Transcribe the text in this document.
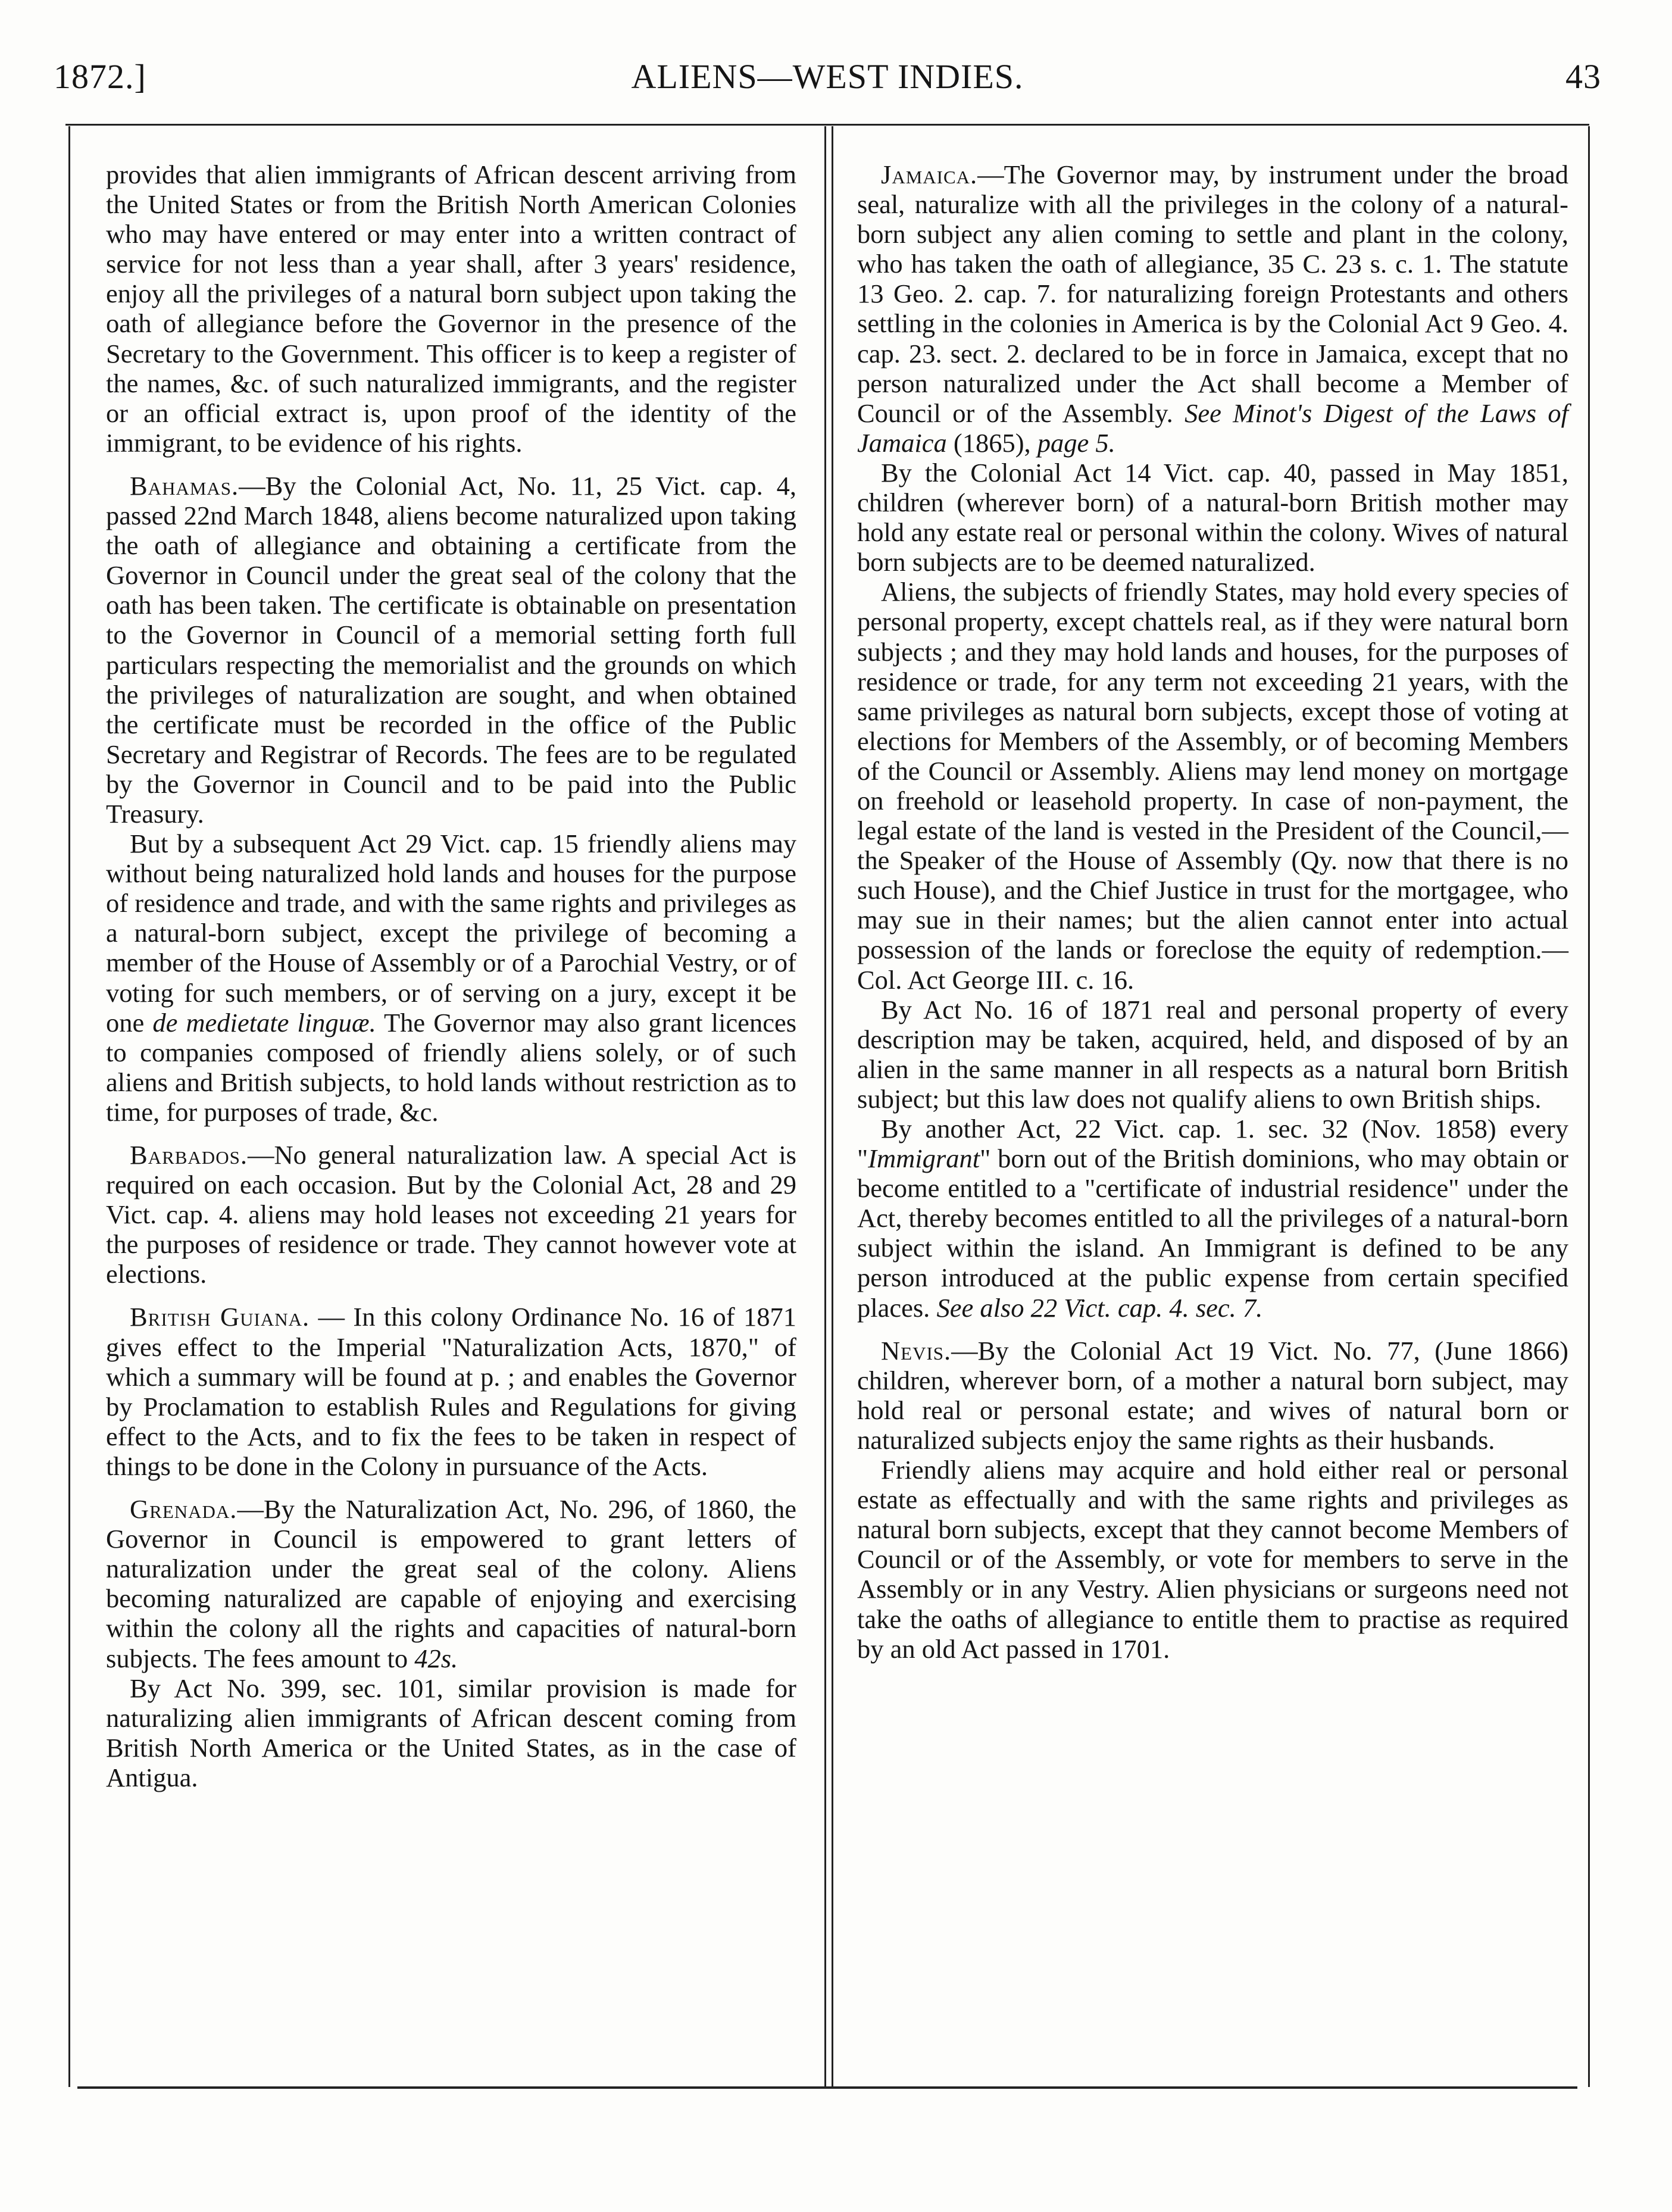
1872.]	ALIENS—WEST INDIES.	43

provides that alien immigrants of African descent arriving from the United States or from the British North American Colonies who may have entered or may enter into a written contract of service for not less than a year shall, after 3 years' residence, enjoy all the privileges of a natural born subject upon taking the oath of allegiance before the Governor in the presence of the Secretary to the Government. This officer is to keep a register of the names, &c. of such naturalized immigrants, and the register or an official extract is, upon proof of the identity of the immigrant, to be evidence of his rights.

Bahamas.—By the Colonial Act, No. 11, 25 Vict. cap. 4, passed 22nd March 1848, aliens become naturalized upon taking the oath of allegiance and obtaining a certificate from the Governor in Council under the great seal of the colony that the oath has been taken. The certificate is obtainable on presentation to the Governor in Council of a memorial setting forth full particulars respecting the memorialist and the grounds on which the privileges of naturalization are sought, and when obtained the certificate must be recorded in the office of the Public Secretary and Registrar of Records. The fees are to be regulated by the Governor in Council and to be paid into the Public Treasury.

But by a subsequent Act 29 Vict. cap. 15 friendly aliens may without being naturalized hold lands and houses for the purpose of residence and trade, and with the same rights and privileges as a natural-born subject, except the privilege of becoming a member of the House of Assembly or of a Parochial Vestry, or of voting for such members, or of serving on a jury, except it be one de medietate linguæ. The Governor may also grant licences to companies composed of friendly aliens solely, or of such aliens and British subjects, to hold lands without restriction as to time, for purposes of trade, &c.

Barbados.—No general naturalization law. A special Act is required on each occasion. But by the Colonial Act, 28 and 29 Vict. cap. 4. aliens may hold leases not exceeding 21 years for the purposes of residence or trade. They cannot however vote at elections.

British Guiana. — In this colony Ordinance No. 16 of 1871 gives effect to the Imperial "Naturalization Acts, 1870," of which a summary will be found at p. ; and enables the Governor by Proclamation to establish Rules and Regulations for giving effect to the Acts, and to fix the fees to be taken in respect of things to be done in the Colony in pursuance of the Acts.

Grenada.—By the Naturalization Act, No. 296, of 1860, the Governor in Council is empowered to grant letters of naturalization under the great seal of the colony. Aliens becoming naturalized are capable of enjoying and exercising within the colony all the rights and capacities of natural-born subjects. The fees amount to 42s.

By Act No. 399, sec. 101, similar provision is made for naturalizing alien immigrants of African descent coming from British North America or the United States, as in the case of Antigua.

Jamaica.—The Governor may, by instrument under the broad seal, naturalize with all the privileges in the colony of a natural-born subject any alien coming to settle and plant in the colony, who has taken the oath of allegiance, 35 C. 23 s. c. 1. The statute 13 Geo. 2. cap. 7. for naturalizing foreign Protestants and others settling in the colonies in America is by the Colonial Act 9 Geo. 4. cap. 23. sect. 2. declared to be in force in Jamaica, except that no person naturalized under the Act shall become a Member of Council or of the Assembly. See Minot's Digest of the Laws of Jamaica (1865), page 5.

By the Colonial Act 14 Vict. cap. 40, passed in May 1851, children (wherever born) of a natural-born British mother may hold any estate real or personal within the colony. Wives of natural born subjects are to be deemed naturalized.

Aliens, the subjects of friendly States, may hold every species of personal property, except chattels real, as if they were natural born subjects ; and they may hold lands and houses, for the purposes of residence or trade, for any term not exceeding 21 years, with the same privileges as natural born subjects, except those of voting at elections for Members of the Assembly, or of becoming Members of the Council or Assembly. Aliens may lend money on mortgage on freehold or leasehold property. In case of non-payment, the legal estate of the land is vested in the President of the Council,—the Speaker of the House of Assembly (Qy. now that there is no such House), and the Chief Justice in trust for the mortgagee, who may sue in their names; but the alien cannot enter into actual possession of the lands or foreclose the equity of redemption.—Col. Act George III. c. 16.

By Act No. 16 of 1871 real and personal property of every description may be taken, acquired, held, and disposed of by an alien in the same manner in all respects as a natural born British subject; but this law does not qualify aliens to own British ships.

By another Act, 22 Vict. cap. 1. sec. 32 (Nov. 1858) every "Immigrant" born out of the British dominions, who may obtain or become entitled to a "certificate of industrial residence" under the Act, thereby becomes entitled to all the privileges of a natural-born subject within the island. An Immigrant is defined to be any person introduced at the public expense from certain specified places. See also 22 Vict. cap. 4. sec. 7.

Nevis.—By the Colonial Act 19 Vict. No. 77, (June 1866) children, wherever born, of a mother a natural born subject, may hold real or personal estate; and wives of natural born or naturalized subjects enjoy the same rights as their husbands.

Friendly aliens may acquire and hold either real or personal estate as effectually and with the same rights and privileges as natural born subjects, except that they cannot become Members of Council or of the Assembly, or vote for members to serve in the Assembly or in any Vestry. Alien physicians or surgeons need not take the oaths of allegiance to entitle them to practise as required by an old Act passed in 1701.
